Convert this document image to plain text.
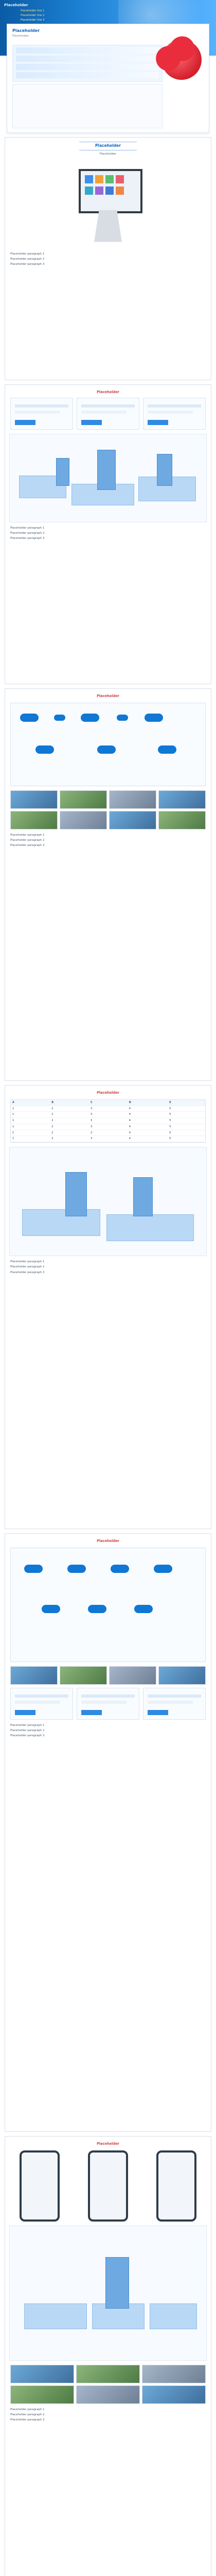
Placeholder
Placeholder line 1
Placeholder line 2
Placeholder line 3
Placeholder
Placeholder
Placeholder
Placeholder

Placeholder paragraph 1

Placeholder paragraph 2

Placeholder paragraph 3

Placeholder

Placeholder paragraph 1

Placeholder paragraph 2

Placeholder paragraph 3

Placeholder

Placeholder paragraph 1

Placeholder paragraph 2

Placeholder paragraph 3

Placeholder
A	B	C	D	E
1	2	3	4	5
1	2	3	4	5
1	2	3	4	5
1	2	3	4	5
1	2	3	4	5
1	2	3	4	5

Placeholder paragraph 1

Placeholder paragraph 2

Placeholder paragraph 3

Placeholder

Placeholder paragraph 1

Placeholder paragraph 2

Placeholder paragraph 3

Placeholder

Placeholder paragraph 1

Placeholder paragraph 2

Placeholder paragraph 3
